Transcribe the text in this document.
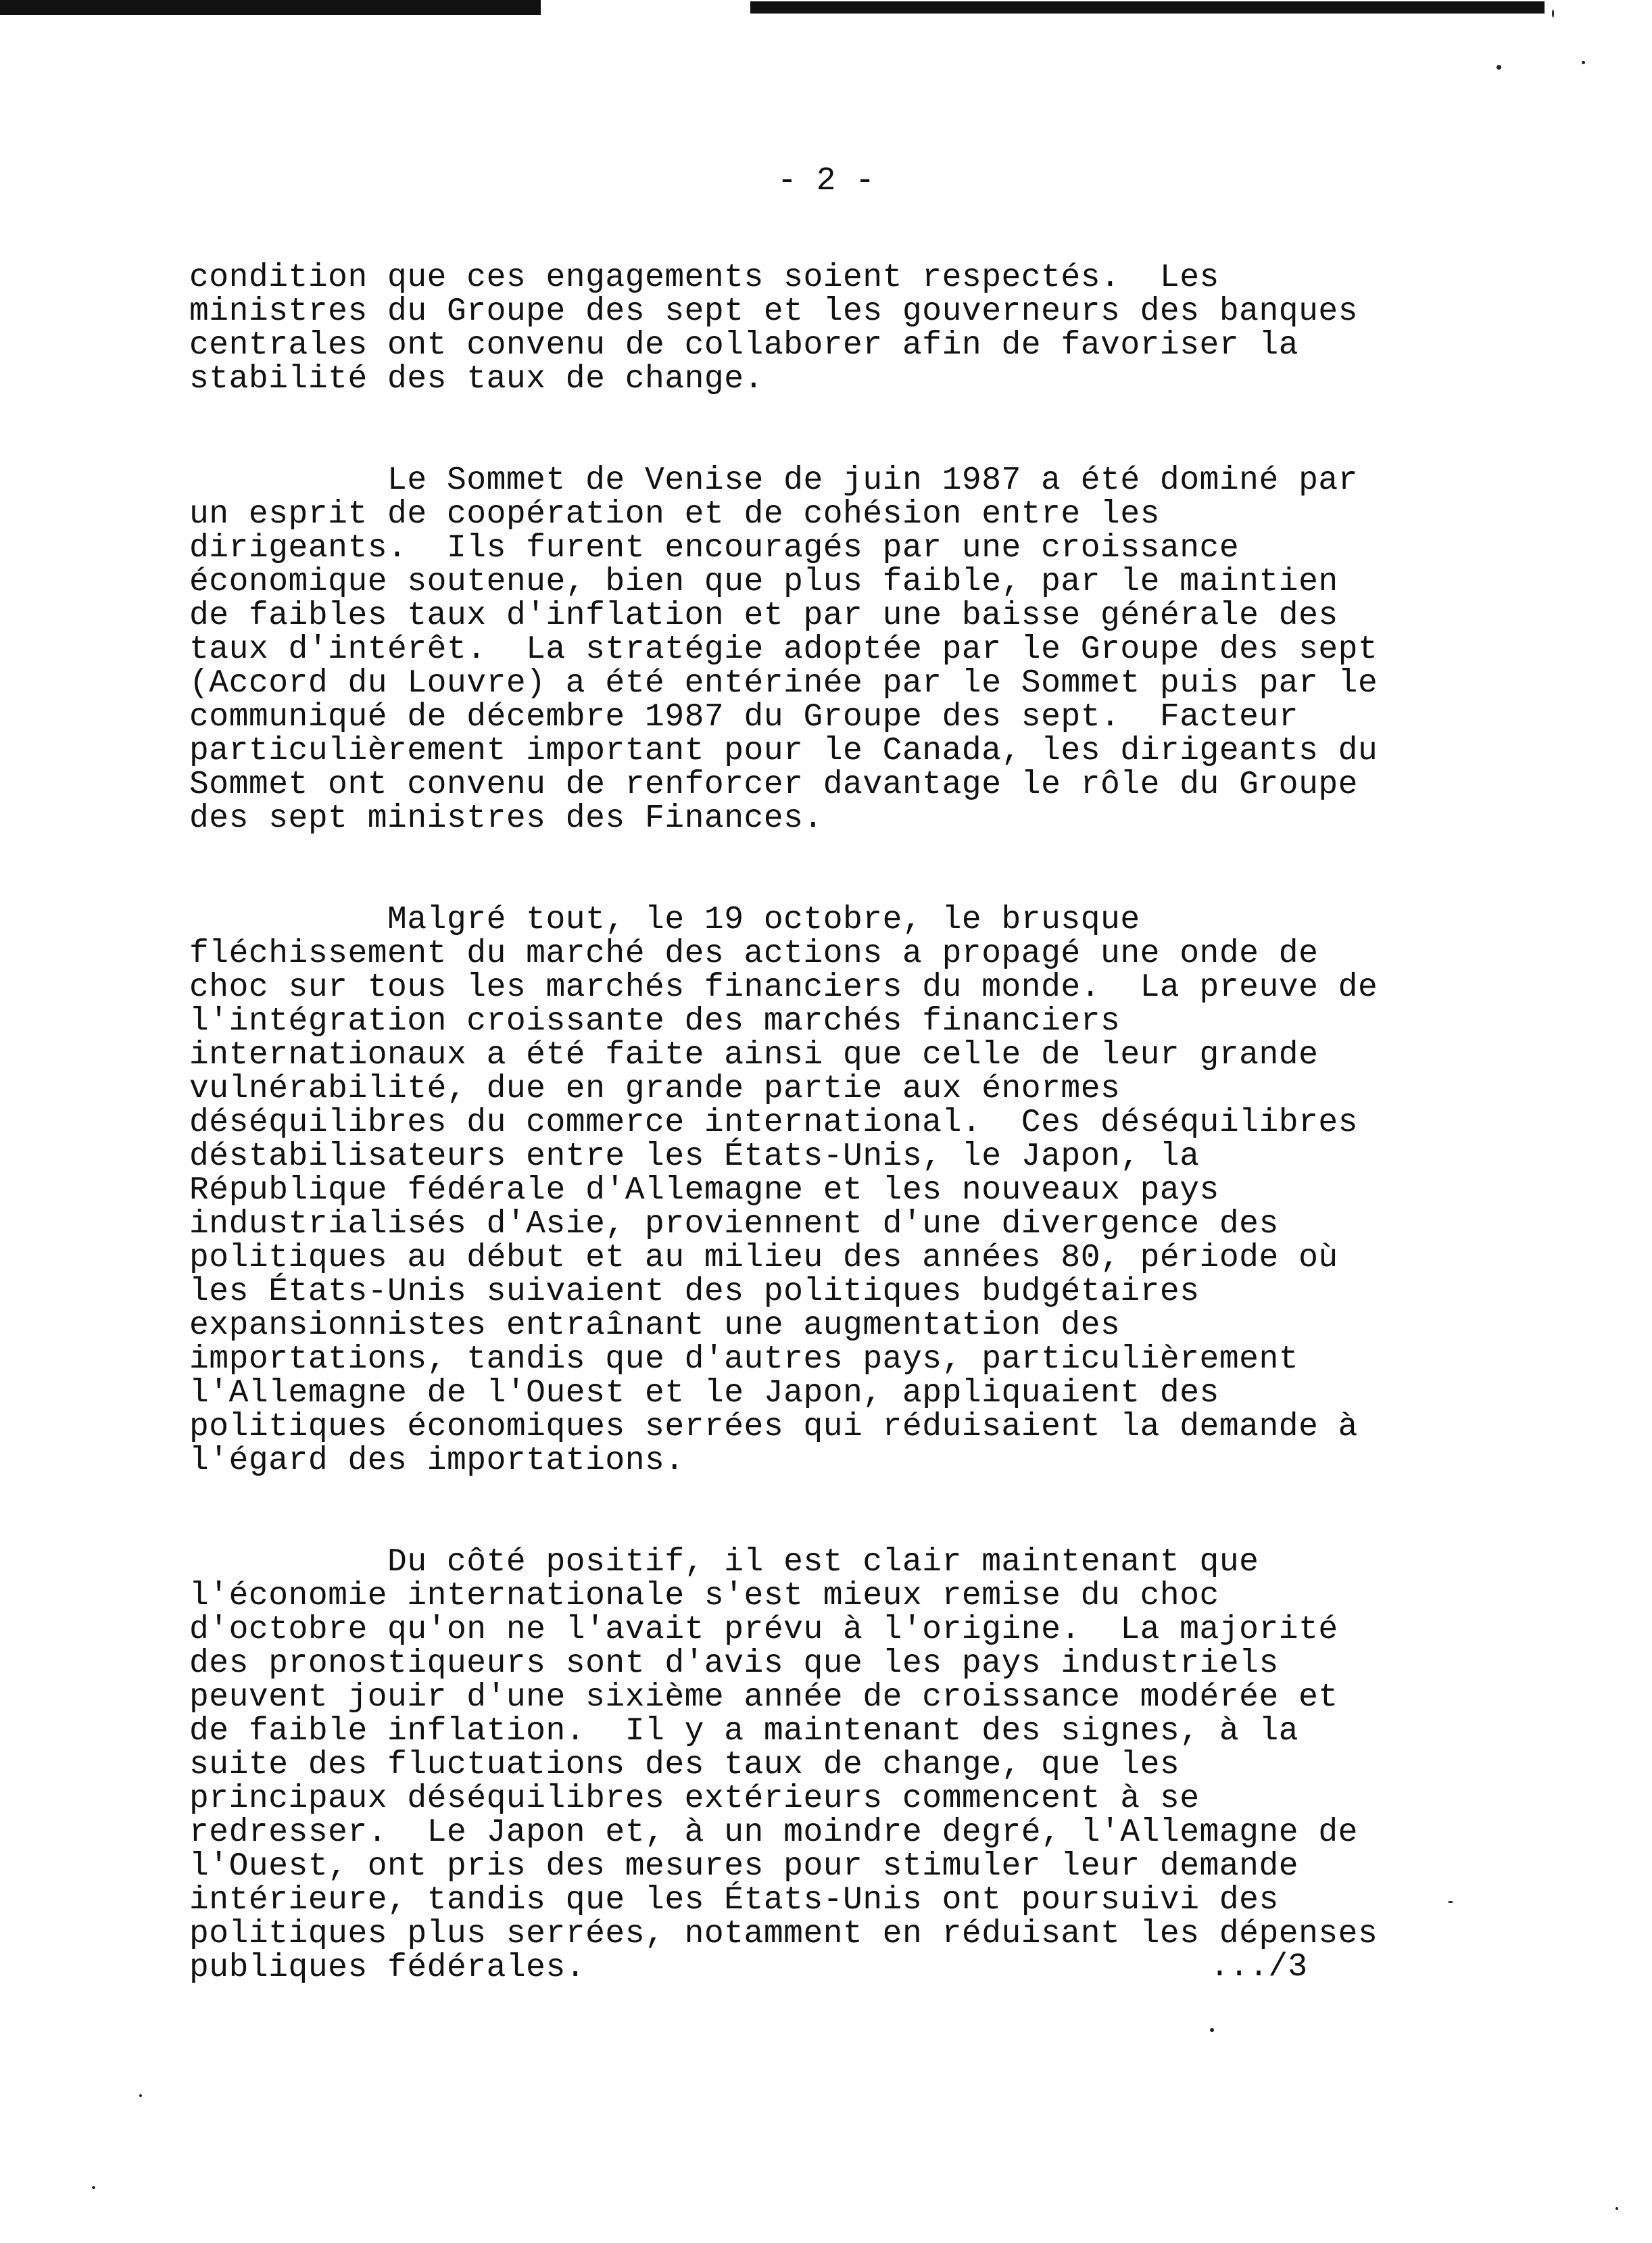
- 2 -

condition que ces engagements soient respectés.  Les
ministres du Groupe des sept et les gouverneurs des banques
centrales ont convenu de collaborer afin de favoriser la
stabilité des taux de change.

Le Sommet de Venise de juin 1987 a été dominé par
un esprit de coopération et de cohésion entre les
dirigeants.  Ils furent encouragés par une croissance
économique soutenue, bien que plus faible, par le maintien
de faibles taux d'inflation et par une baisse générale des
taux d'intérêt.  La stratégie adoptée par le Groupe des sept
(Accord du Louvre) a été entérinée par le Sommet puis par le
communiqué de décembre 1987 du Groupe des sept.  Facteur
particulièrement important pour le Canada, les dirigeants du
Sommet ont convenu de renforcer davantage le rôle du Groupe
des sept ministres des Finances.

Malgré tout, le 19 octobre, le brusque
fléchissement du marché des actions a propagé une onde de
choc sur tous les marchés financiers du monde.  La preuve de
l'intégration croissante des marchés financiers
internationaux a été faite ainsi que celle de leur grande
vulnérabilité, due en grande partie aux énormes
déséquilibres du commerce international.  Ces déséquilibres
déstabilisateurs entre les États-Unis, le Japon, la
République fédérale d'Allemagne et les nouveaux pays
industrialisés d'Asie, proviennent d'une divergence des
politiques au début et au milieu des années 80, période où
les États-Unis suivaient des politiques budgétaires
expansionnistes entraînant une augmentation des
importations, tandis que d'autres pays, particulièrement
l'Allemagne de l'Ouest et le Japon, appliquaient des
politiques économiques serrées qui réduisaient la demande à
l'égard des importations.

Du côté positif, il est clair maintenant que
l'économie internationale s'est mieux remise du choc
d'octobre qu'on ne l'avait prévu à l'origine.  La majorité
des pronostiqueurs sont d'avis que les pays industriels
peuvent jouir d'une sixième année de croissance modérée et
de faible inflation.  Il y a maintenant des signes, à la
suite des fluctuations des taux de change, que les
principaux déséquilibres extérieurs commencent à se
redresser.  Le Japon et, à un moindre degré, l'Allemagne de
l'Ouest, ont pris des mesures pour stimuler leur demande
intérieure, tandis que les États-Unis ont poursuivi des
politiques plus serrées, notamment en réduisant les dépenses
publiques fédérales.	.../3
